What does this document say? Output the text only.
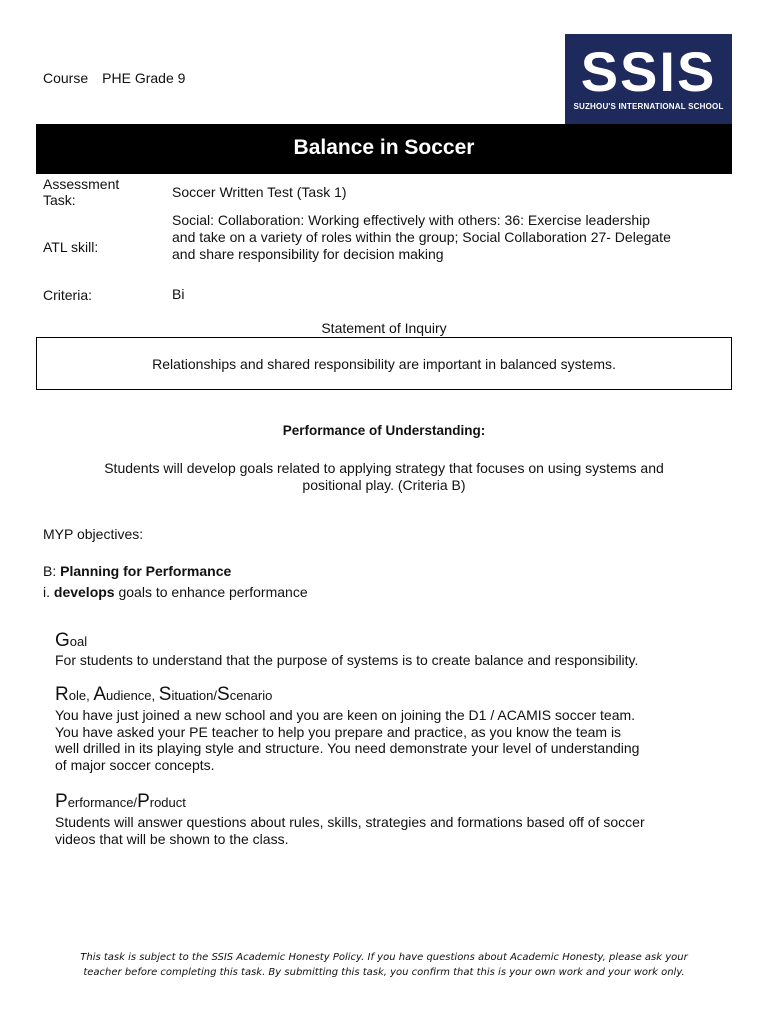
Course PHE Grade 9	SSIS
SUZHOU'S INTERNATIONAL SCHOOL
Balance in Soccer
Assessment
Task:	Soccer Written Test (Task 1)
ATL skill:
Social: Collaboration: Working effectively with others: 36: Exercise leadership
and take on a variety of roles within the group; Social Collaboration 27- Delegate
and share responsibility for decision making
Criteria:	Bi
Statement of Inquiry
Relationships and shared responsibility are important in balanced systems.
Performance of Understanding:
Students will develop goals related to applying strategy that focuses on using systems and
positional play. (Criteria B)
MYP objectives:
B: Planning for Performance
i. develops goals to enhance performance
Goal
For students to understand that the purpose of systems is to create balance and responsibility.
Role, Audience, Situation/Scenario
You have just joined a new school and you are keen on joining the D1 / ACAMIS soccer team.
You have asked your PE teacher to help you prepare and practice, as you know the team is
well drilled in its playing style and structure. You need demonstrate your level of understanding
of major soccer concepts.
Performance/Product
Students will answer questions about rules, skills, strategies and formations based off of soccer
videos that will be shown to the class.
This task is subject to the SSIS Academic Honesty Policy. If you have questions about Academic Honesty, please ask your
teacher before completing this task. By submitting this task, you confirm that this is your own work and your work only.
